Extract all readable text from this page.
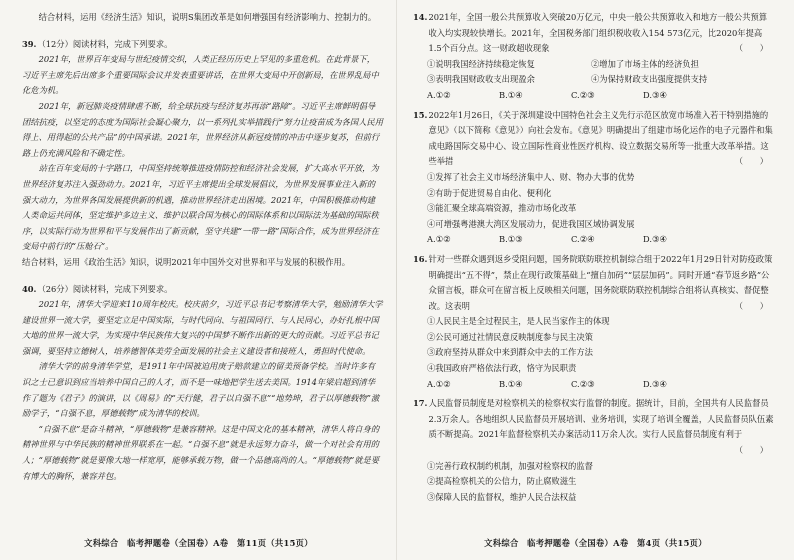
结合材料，运用《经济生活》知识，说明S集团改革是如何增强国有经济影响力、控制力的。

39. （12分）阅读材料，完成下列要求。

2021年，世界百年变局与世纪疫情交织，人类正经历历史上罕见的多重危机。在此背景下，习近平主席先后出席多个重要国际会议并发表重要讲话，在世界大变局中开创新局，在世界乱局中化危为机。

2021年，新冠肺炎疫情肆虐不断，给全球抗疫与经济复苏再添“路障”。习近平主席鲜明倡导团结抗疫，以坚定的态度为国际社会凝心聚力，以一系列扎实举措践行“努力让疫苗成为各国人民用得上、用得起的公共产品”的中国承诺。2021年，世界经济从新冠疫情的冲击中逐步复苏，但前行路上仍充满风险和不确定性。

站在百年变局的十字路口，中国坚持统筹推进疫情防控和经济社会发展，扩大高水平开放，为世界经济复苏注入强劲动力。2021年，习近平主席提出全球发展倡议，为世界发展事业注入新的强大动力，为世界各国发展提供新的机遇，推动世界经济走出困境。2021年，中国积极推动构建人类命运共同体，坚定维护多边主义、维护以联合国为核心的国际体系和以国际法为基础的国际秩序，以实际行动为世界和平与发展作出了新贡献，坚守共建“一带一路”国际合作，成为世界经济在变局中前行的“压舱石”。

结合材料，运用《政治生活》知识，说明2021年中国外交对世界和平与发展的积极作用。

40. （26分）阅读材料，完成下列要求。

2021年，清华大学迎来110周年校庆。校庆前夕，习近平总书记考察清华大学，勉励清华大学建设世界一流大学，要坚定立足中国实际，与时代同向、与祖国同行、与人民同心，办好扎根中国大地的世界一流大学，为实现中华民族伟大复兴的中国梦不断作出新的更大的贡献。习近平总书记强调，要坚持立德树人，培养德智体美劳全面发展的社会主义建设者和接班人，勇担时代使命。

清华大学的前身清华学堂，是1911年中国被迫用庚子赔款建立的留美预备学校。当时许多有识之士已意识到应当培养中国自己的人才，而不是一味地把学生送去美国。1914年梁启超到清华作了题为《君子》的演讲，以《周易》的“天行健，君子以自强不息”“地势坤，君子以厚德载物”激励学子，“自强不息，厚德载物”成为清华的校训。

“自强不息”是奋斗精神，“厚德载物”是兼容精神。这是中国文化的基本精神，清华人将自身的精神世界与中华民族的精神世界联系在一起。“自强不息”就是永远努力奋斗，做一个对社会有用的人；“厚德载物”就是要像大地一样宽厚，能够承载万物，做一个品德高尚的人。“厚德载物”就是要有博大的胸怀，兼容并包。

文科综合　临考押题卷（全国卷）A卷　第11页（共15页）
14. 2021年，全国一般公共预算收入突破20万亿元，中央一般公共预算收入和地方一般公共预算收入均实现较快增长。2021年，全国税务部门组织税收收入154 573亿元，比2020年提高1.5个百分点。这一财政超收现象	（　　）
①说明我国经济持续稳定恢复	②增加了市场主体的经济负担
③表明我国财政收支出现盈余	④为保持财政支出强度提供支持
A.①②	B.①④	C.②③	D.③④
15. 2022年1月26日，《关于深圳建设中国特色社会主义先行示范区放宽市场准入若干特别措施的意见》（以下简称《意见》）向社会发布。《意见》明确提出了组建市场化运作的电子元器件和集成电路国际交易中心、设立国际性商业性医疗机构、设立数据交易所等一批重大改革举措。这些举措	（　　）

①发挥了社会主义市场经济集中人、财、物办大事的优势

②有助于促进贸易自由化、便利化

③能汇聚全球高端资源，推动市场化改革

④可增强粤港澳大湾区发展动力，促进我国区域协调发展

A.①②	B.①③	C.②④	D.③④
16. 针对一些群众遇到返乡受阻问题，国务院联防联控机制综合组于2022年1月29日针对防疫政策明确提出“五不得”，禁止在现行政策基础上“擅自加码”“层层加码”。同时开通“春节返乡路”公众留言板，群众可在留言板上反映相关问题，国务院联防联控机制综合组将认真核实、督促整改。这表明	（　　）

①人民民主是全过程民主，是人民当家作主的体现

②公民可通过社情民意反映制度参与民主决策

③政府坚持从群众中来到群众中去的工作方法

④我国政府严格依法行政，恪守为民职责

A.①②	B.①④	C.②③	D.③④
17. 人民监督员制度是对检察机关的检察权实行监督的制度。据统计，目前，全国共有人民监督员2.3万余人。各地组织人民监督员开展培训、业务培训，实现了培训全覆盖，人民监督员队伍素质不断提高。2021年监督检察机关办案活动11万余人次。实行人民监督员制度有利于
（　　）

①完善行政权制约机制，加强对检察权的监督

②提高检察机关的公信力，防止腐败滋生

③保障人民的监督权，维护人民合法权益

文科综合　临考押题卷（全国卷）A卷　第4页（共15页）
